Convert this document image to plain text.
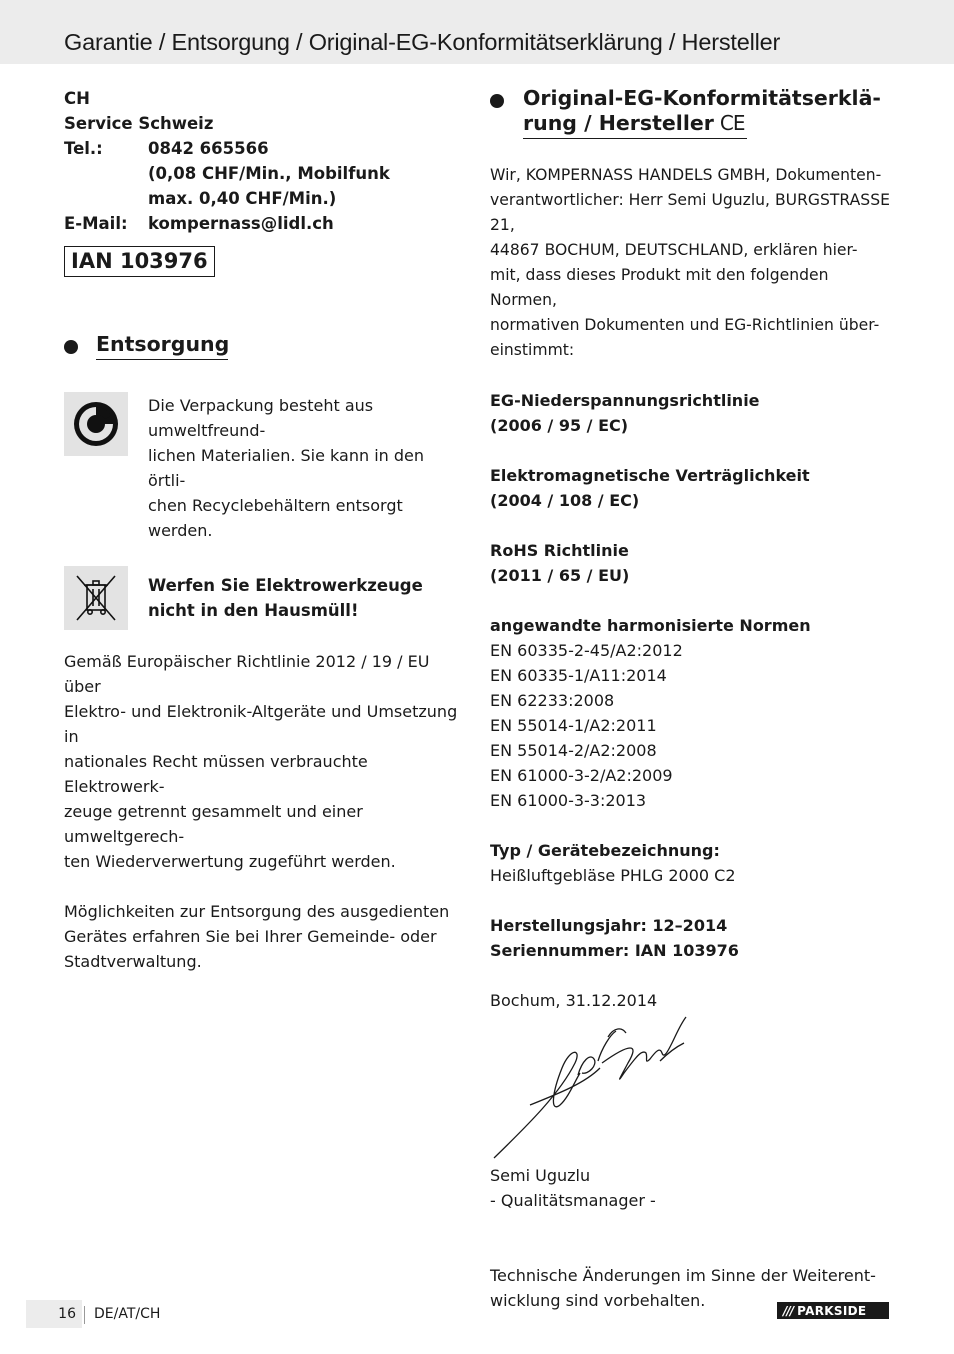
Garantie / Entsorgung / Original-EG-Konformitätserklärung / Hersteller
CH
Service Schweiz
Tel.:	0842 665566
(0,08 CHF/Min., Mobilfunk
max. 0,40 CHF/Min.)
E-Mail:	kompernass@lidl.ch
IAN 103976
Entsorgung
Die Verpackung besteht aus umweltfreund-
lichen Materialien. Sie kann in den örtli-
chen Recyclebehältern entsorgt werden.
Werfen Sie Elektrowerkzeuge
nicht in den Hausmüll!
Gemäß Europäischer Richtlinie 2012 / 19 / EU über
Elektro- und Elektronik-Altgeräte und Umsetzung in
nationales Recht müssen verbrauchte Elektrowerk-
zeuge getrennt gesammelt und einer umweltgerech-
ten Wiederverwertung zugeführt werden.
Möglichkeiten zur Entsorgung des ausgedienten
Gerätes erfahren Sie bei Ihrer Gemeinde- oder
Stadtverwaltung.
Original-EG-Konformitätserklä-
rung / Hersteller CE
Wir, KOMPERNASS HANDELS GMBH, Dokumenten-
verantwortlicher: Herr Semi Uguzlu, BURGSTRASSE 21,
44867 BOCHUM, DEUTSCHLAND, erklären hier-
mit, dass dieses Produkt mit den folgenden Normen,
normativen Dokumenten und EG-Richtlinien über-
einstimmt:
EG-Niederspannungsrichtlinie
(2006 / 95 / EC)
Elektromagnetische Verträglichkeit
(2004 / 108 / EC)
RoHS Richtlinie
(2011 / 65 / EU)
angewandte harmonisierte Normen
EN 60335-2-45/A2:2012
EN 60335-1/A11:2014
EN 62233:2008
EN 55014-1/A2:2011
EN 55014-2/A2:2008
EN 61000-3-2/A2:2009
EN 61000-3-3:2013
Typ / Gerätebezeichnung:
Heißluftgebläse PHLG 2000 C2
Herstellungsjahr: 12–2014
Seriennummer: IAN 103976
Bochum, 31.12.2014
Semi Uguzlu
- Qualitätsmanager -
Technische Änderungen im Sinne der Weiterent-
wicklung sind vorbehalten.
16	DE/AT/CH	/// PARKSIDE
